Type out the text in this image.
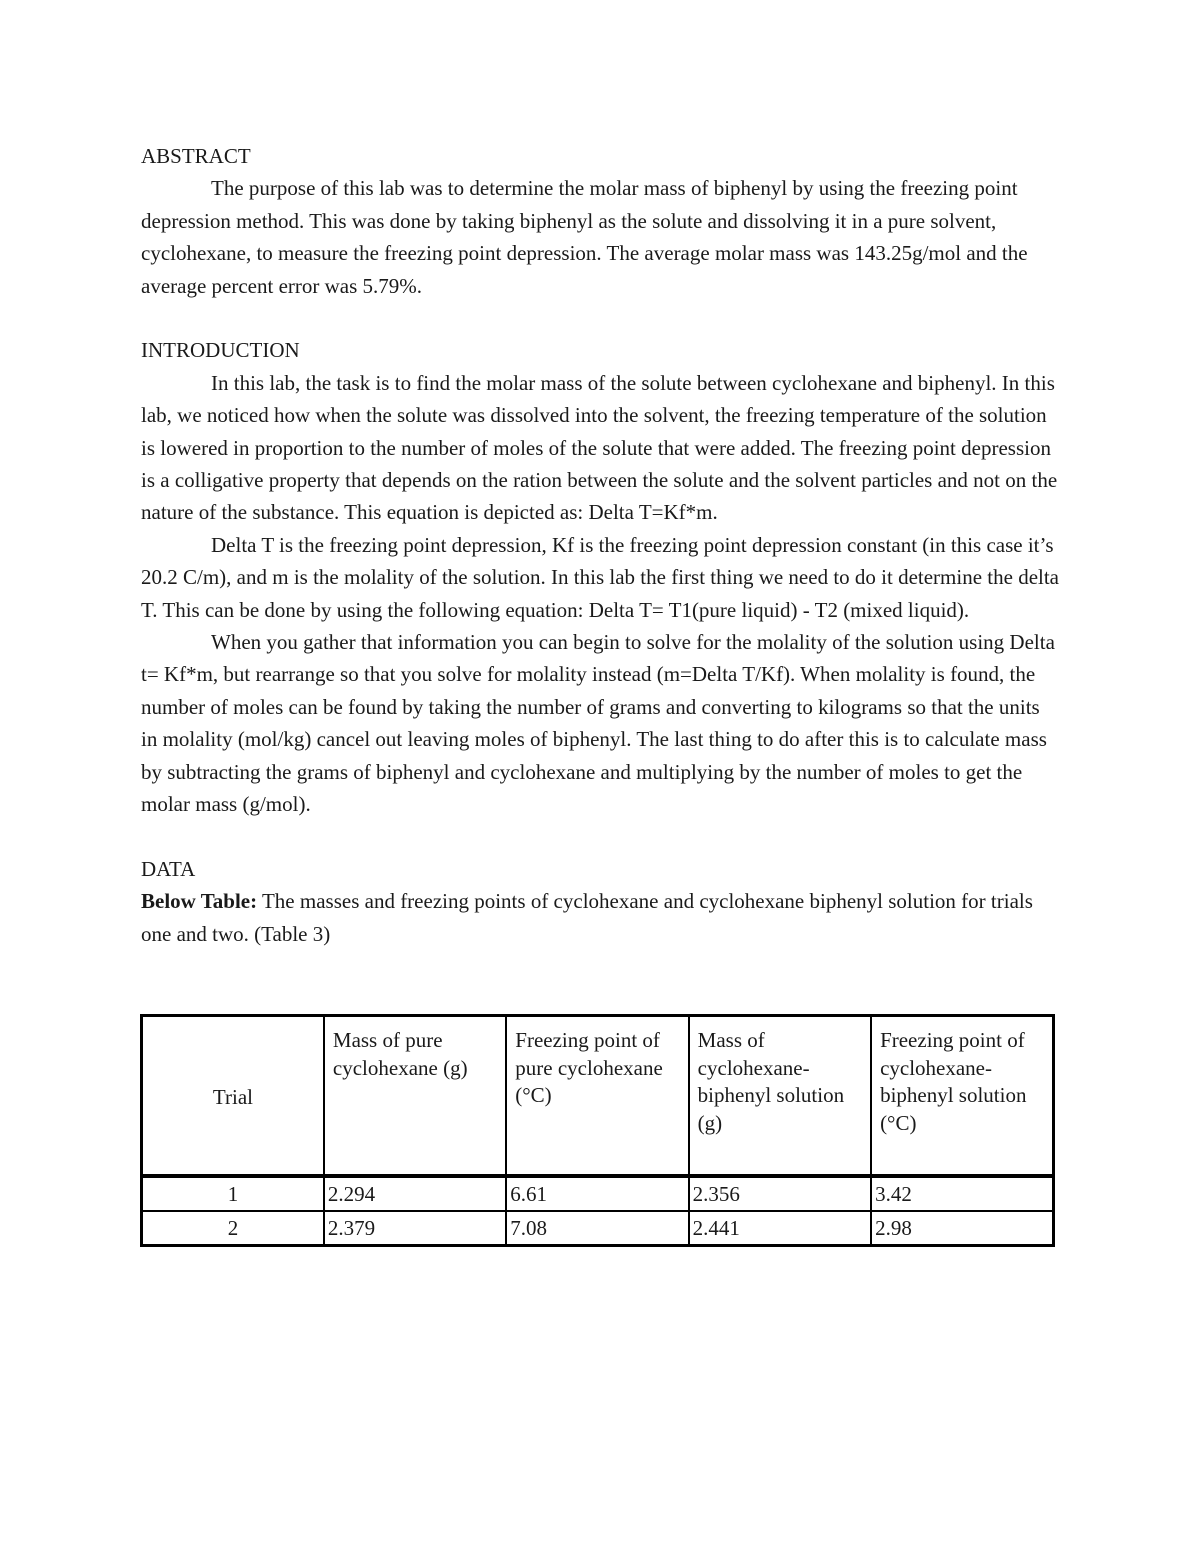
ABSTRACT

The purpose of this lab was to determine the molar mass of biphenyl by using the freezing point depression method. This was done by taking biphenyl as the solute and dissolving it in a pure solvent, cyclohexane, to measure the freezing point depression. The average molar mass was 143.25g/mol and the average percent error was 5.79%.

INTRODUCTION

In this lab, the task is to find the molar mass of the solute between cyclohexane and biphenyl. In this lab, we noticed how when the solute was dissolved into the solvent, the freezing temperature of the solution is lowered in proportion to the number of moles of the solute that were added. The freezing point depression is a colligative property that depends on the ration between the solute and the solvent particles and not on the nature of the substance. This equation is depicted as: Delta T=Kf*m.

Delta T is the freezing point depression, Kf is the freezing point depression constant (in this case it’s 20.2 C/m), and m is the molality of the solution. In this lab the first thing we need to do it determine the delta T. This can be done by using the following equation: Delta T= T1(pure liquid) - T2 (mixed liquid).

When you gather that information you can begin to solve for the molality of the solution using Delta t= Kf*m, but rearrange so that you solve for molality instead (m=Delta T/Kf). When molality is found, the number of moles can be found by taking the number of grams and converting to kilograms so that the units in molality (mol/kg) cancel out leaving moles of biphenyl. The last thing to do after this is to calculate mass by subtracting the grams of biphenyl and cyclohexane and multiplying by the number of moles to get the molar mass (g/mol).

DATA

Below Table: The masses and freezing points of cyclohexane and cyclohexane biphenyl solution for trials one and two. (Table 3)

Trial	Mass of pure cyclohexane (g)	Freezing point of pure cyclohexane (°C)	Mass of cyclohexane-biphenyl solution (g)	Freezing point of cyclohexane-biphenyl solution (°C)
1	2.294	6.61	2.356	3.42
2	2.379	7.08	2.441	2.98
